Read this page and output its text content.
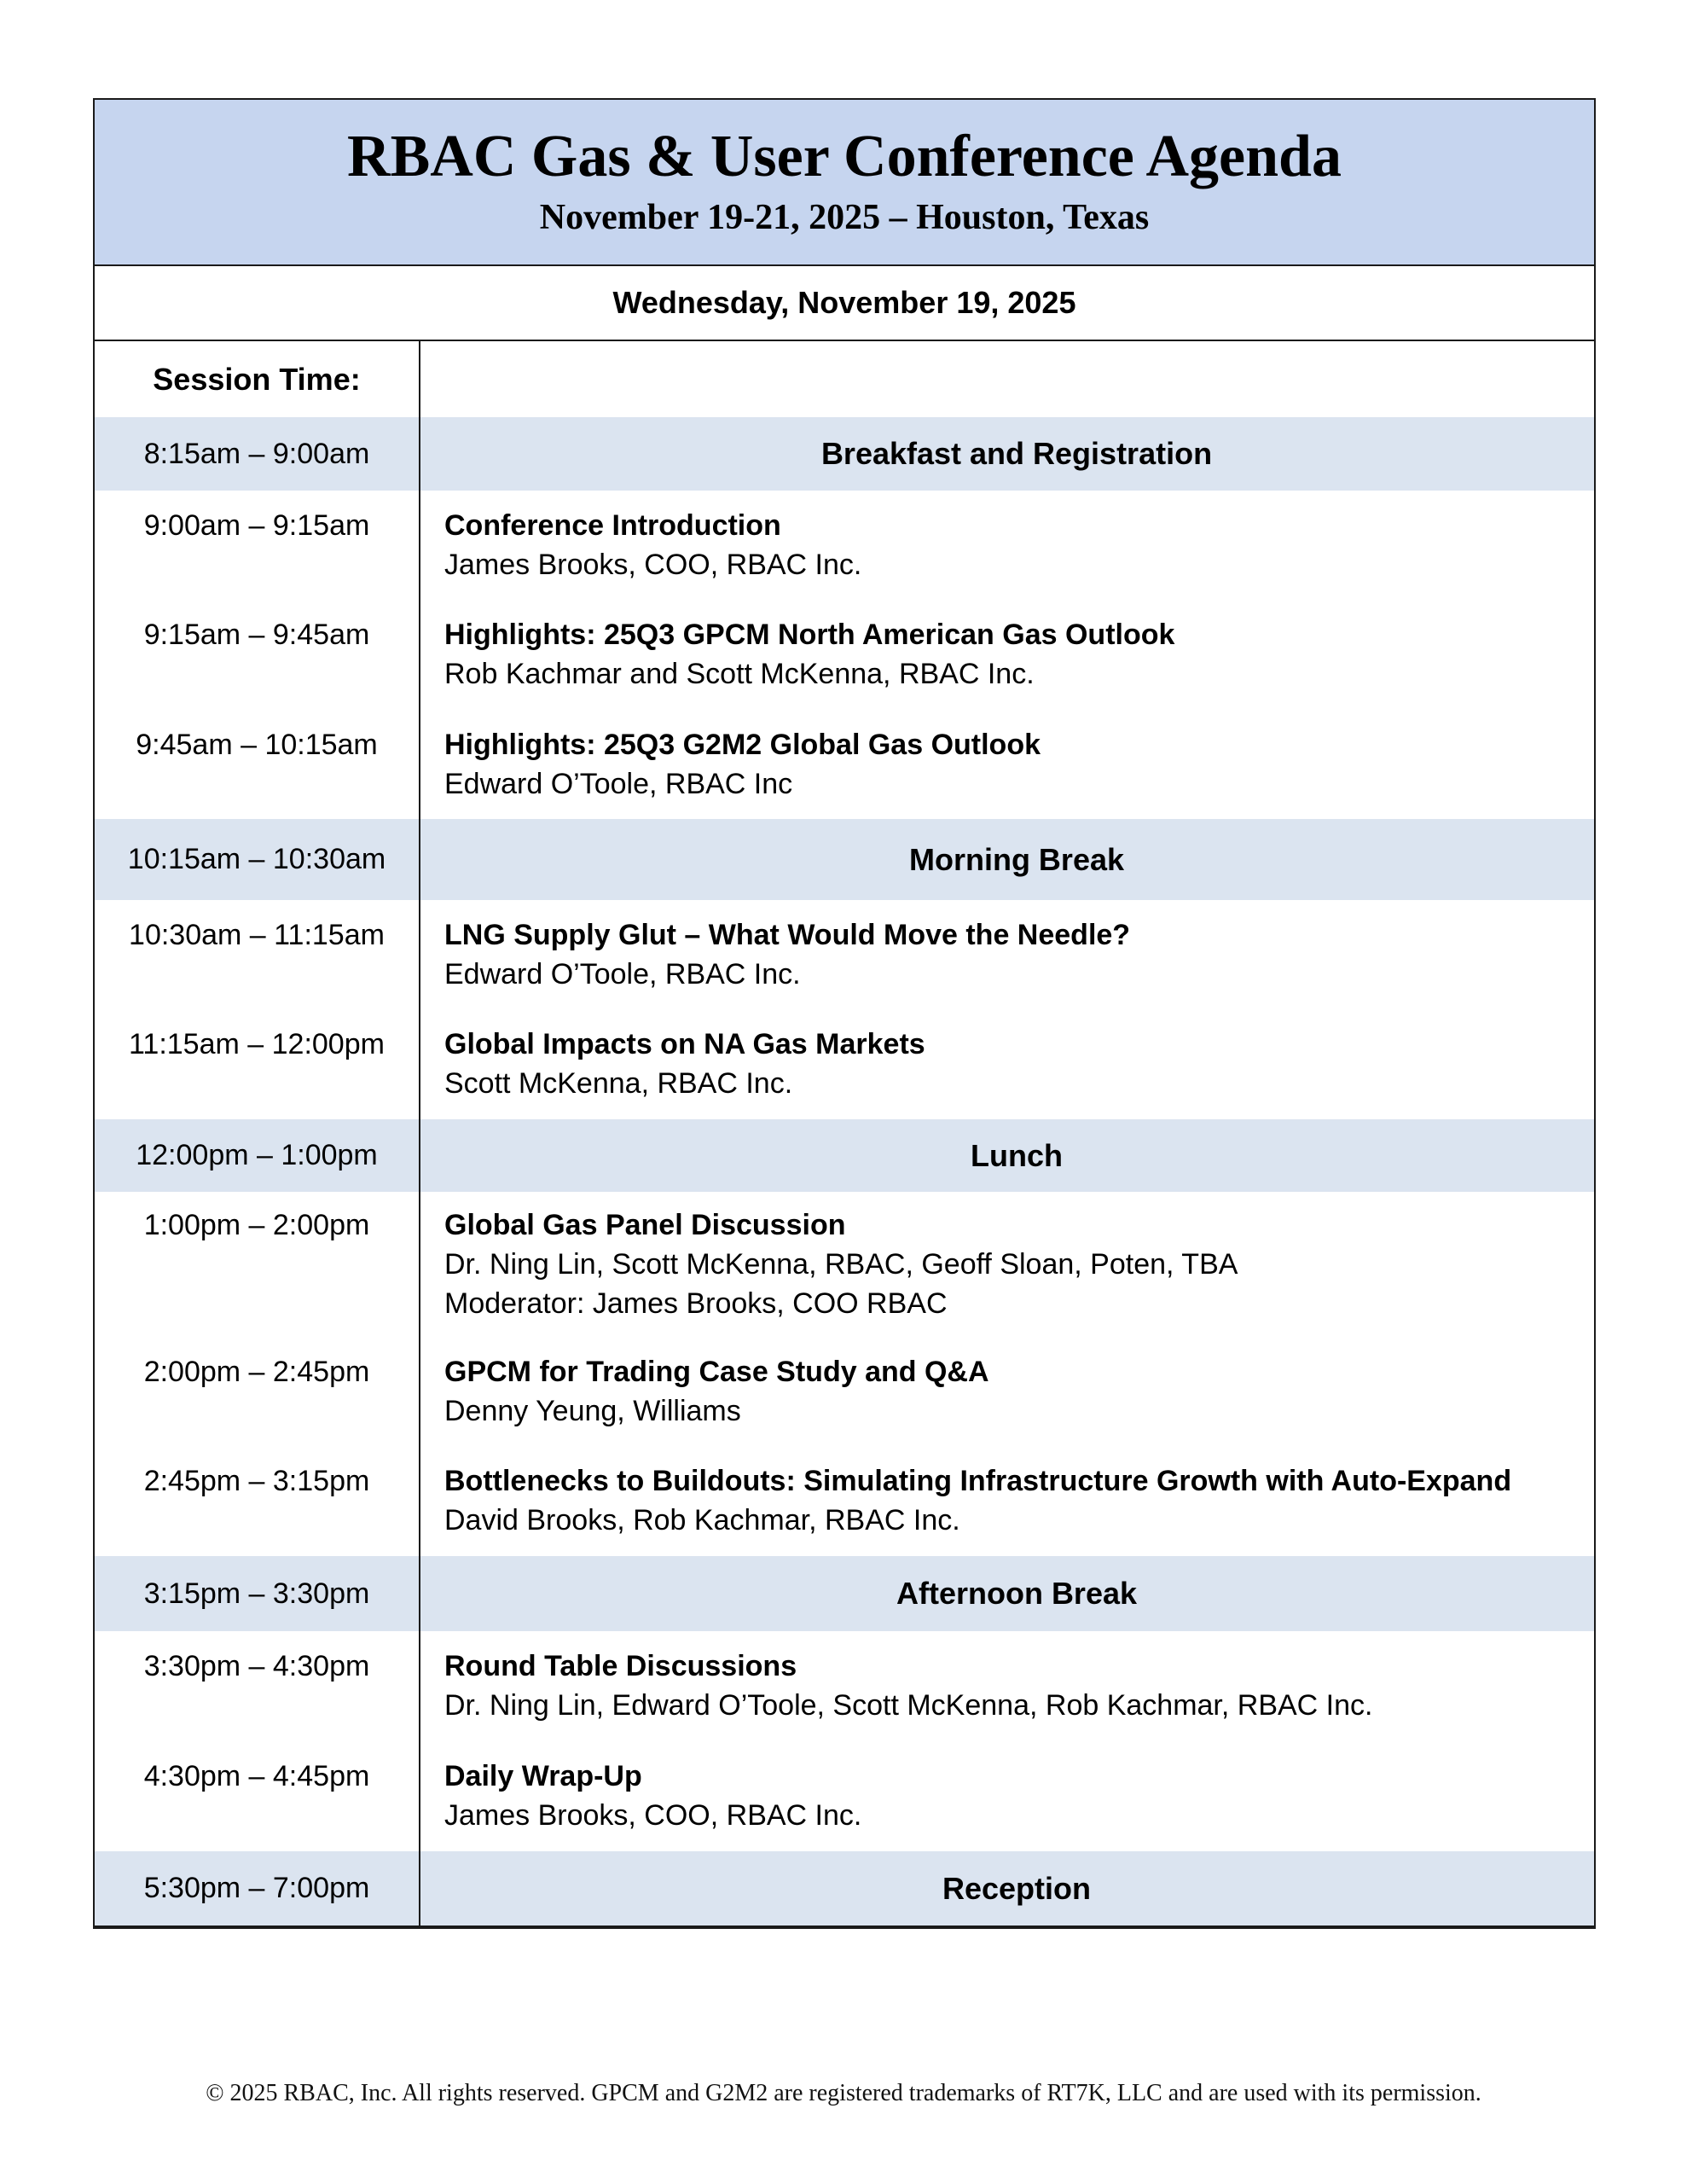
RBAC Gas & User Conference Agenda
November 19-21, 2025 – Houston, Texas
Wednesday, November 19, 2025
Session Time:
8:15am – 9:00am	Breakfast and Registration
9:00am – 9:15am	Conference Introduction
James Brooks, COO, RBAC Inc.
9:15am – 9:45am	Highlights: 25Q3 GPCM North American Gas Outlook
Rob Kachmar and Scott McKenna, RBAC Inc.
9:45am – 10:15am	Highlights: 25Q3 G2M2 Global Gas Outlook
Edward O’Toole, RBAC Inc
10:15am – 10:30am	Morning Break
10:30am – 11:15am	LNG Supply Glut – What Would Move the Needle?
Edward O’Toole, RBAC Inc.
11:15am – 12:00pm	Global Impacts on NA Gas Markets
Scott McKenna, RBAC Inc.
12:00pm – 1:00pm	Lunch
1:00pm – 2:00pm	Global Gas Panel Discussion
Dr. Ning Lin, Scott McKenna, RBAC, Geoff Sloan, Poten, TBA
Moderator: James Brooks, COO RBAC
2:00pm – 2:45pm	GPCM for Trading Case Study and Q&A
Denny Yeung, Williams
2:45pm – 3:15pm	Bottlenecks to Buildouts: Simulating Infrastructure Growth with Auto-Expand
David Brooks, Rob Kachmar, RBAC Inc.
3:15pm – 3:30pm	Afternoon Break
3:30pm – 4:30pm	Round Table Discussions
Dr. Ning Lin, Edward O’Toole, Scott McKenna, Rob Kachmar, RBAC Inc.
4:30pm – 4:45pm	Daily Wrap-Up
James Brooks, COO, RBAC Inc.
5:30pm – 7:00pm	Reception
© 2025 RBAC, Inc. All rights reserved. GPCM and G2M2 are registered trademarks of RT7K, LLC and are used with its permission.
